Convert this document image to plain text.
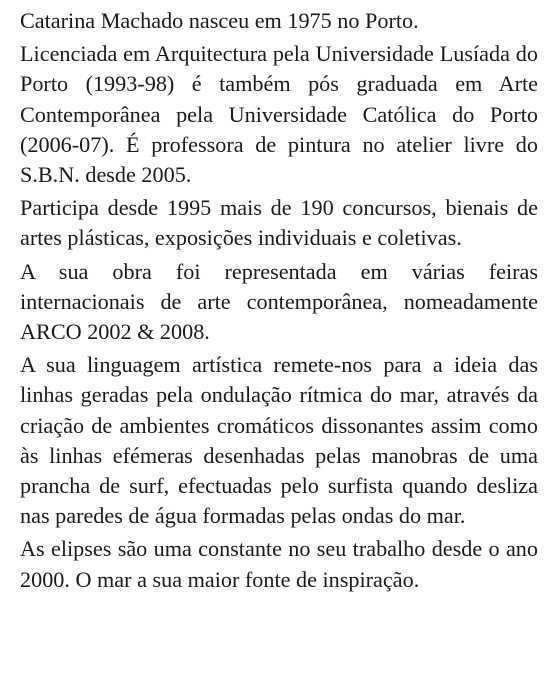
Catarina Machado nasceu em 1975 no Porto.

Licenciada em Arquitectura pela Universidade Lusíada do Porto (1993-98) é também pós graduada em Arte Contemporânea pela Universidade Católica do Porto (2006-07). É professora de pintura no atelier livre do S.B.N. desde 2005.

Participa desde 1995 mais de 190 concursos, bienais de artes plásticas, exposições individuais e coletivas.

A sua obra foi representada em várias feiras internacionais de arte contemporânea, nomeadamente ARCO 2002 & 2008.

A sua linguagem artística remete-nos para a ideia das linhas geradas pela ondulação rítmica do mar, através da criação de ambientes cromáticos dissonantes assim como às linhas efémeras desenhadas pelas manobras de uma prancha de surf, efectuadas pelo surfista quando desliza nas paredes de água formadas pelas ondas do mar.

As elipses são uma constante no seu trabalho desde o ano 2000. O mar a sua maior fonte de inspiração.
